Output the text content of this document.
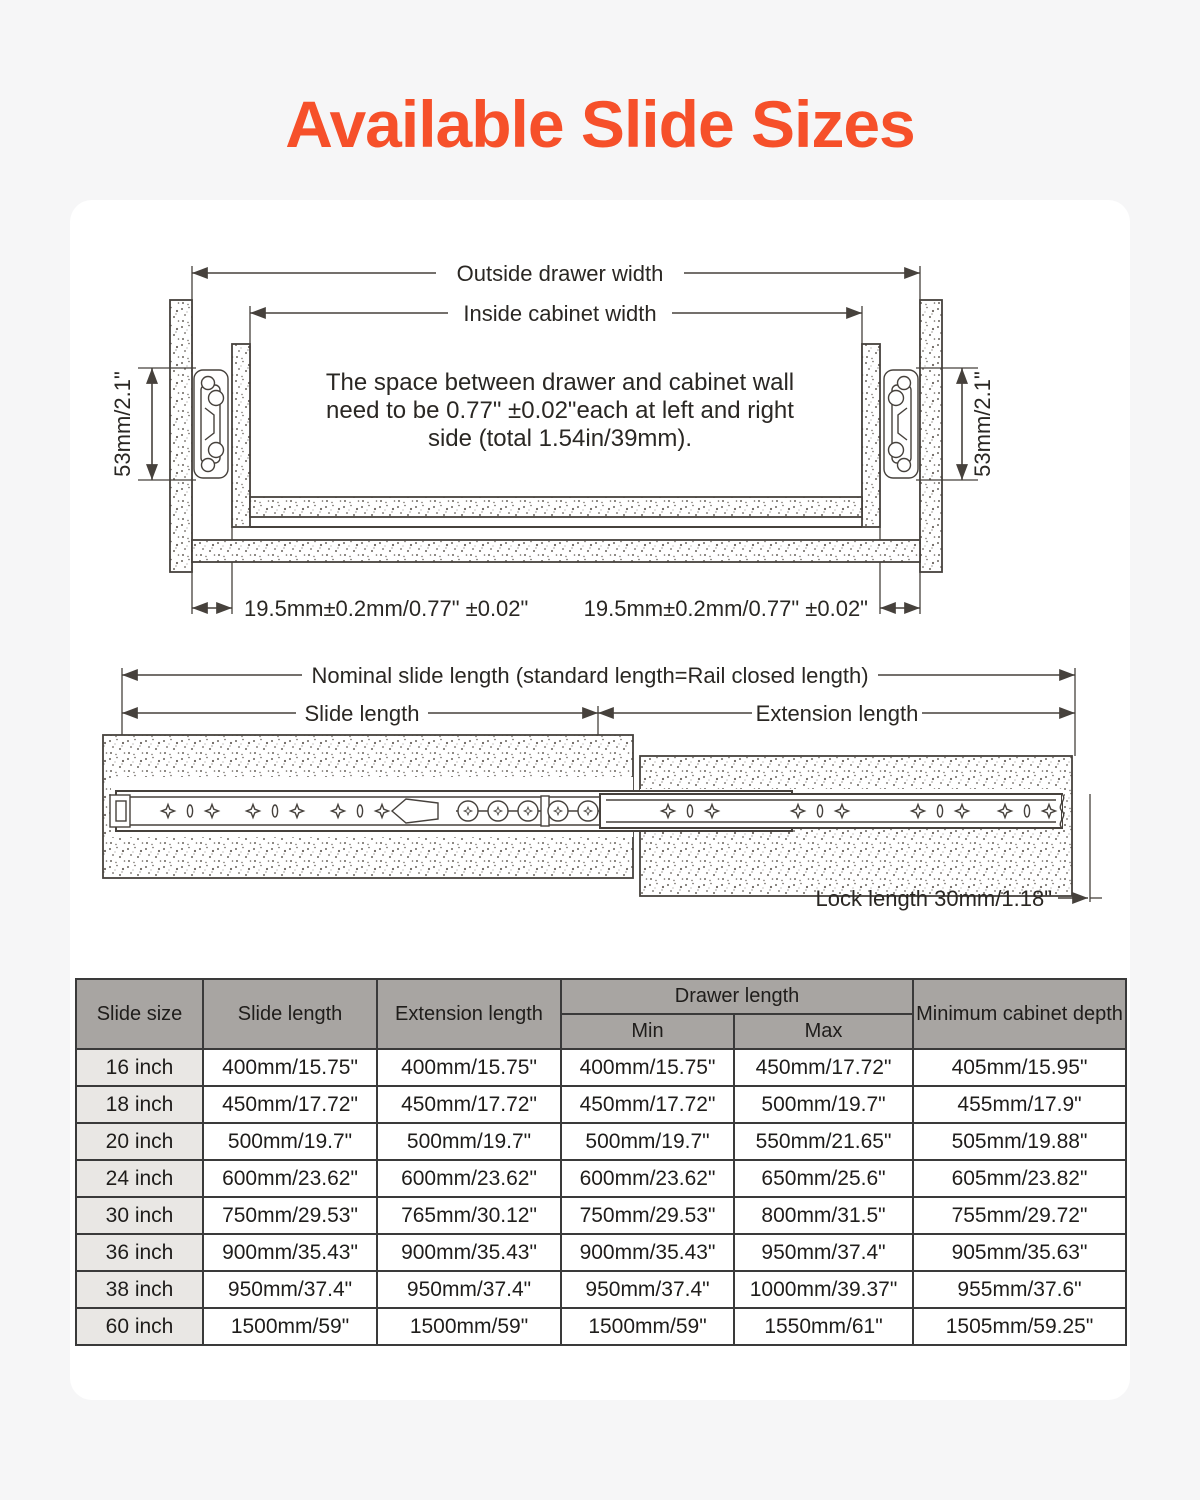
Available Slide Sizes
Outside drawer width
Inside cabinet width
The space between drawer and cabinet wall
need to be 0.77" ±0.02"each at left and right
side (total 1.54in/39mm).
53mm/2.1"	53mm/2.1"
19.5mm±0.2mm/0.77" ±0.02"	19.5mm±0.2mm/0.77" ±0.02"
Nominal slide length (standard length=Rail closed length)
Slide length	Extension length
Lock length 30mm/1.18"
Slide size	Slide length	Extension length	Drawer length		Minimum cabinet depth
			Min	Max	
16 inch	400mm/15.75"	400mm/15.75"	400mm/15.75"	450mm/17.72"	405mm/15.95"
18 inch	450mm/17.72"	450mm/17.72"	450mm/17.72"	500mm/19.7"	455mm/17.9"
20 inch	500mm/19.7"	500mm/19.7"	500mm/19.7"	550mm/21.65"	505mm/19.88"
24 inch	600mm/23.62"	600mm/23.62"	600mm/23.62"	650mm/25.6"	605mm/23.82"
30 inch	750mm/29.53"	765mm/30.12"	750mm/29.53"	800mm/31.5"	755mm/29.72"
36 inch	900mm/35.43"	900mm/35.43"	900mm/35.43"	950mm/37.4"	905mm/35.63"
38 inch	950mm/37.4"	950mm/37.4"	950mm/37.4"	1000mm/39.37"	955mm/37.6"
60 inch	1500mm/59"	1500mm/59"	1500mm/59"	1550mm/61"	1505mm/59.25"
